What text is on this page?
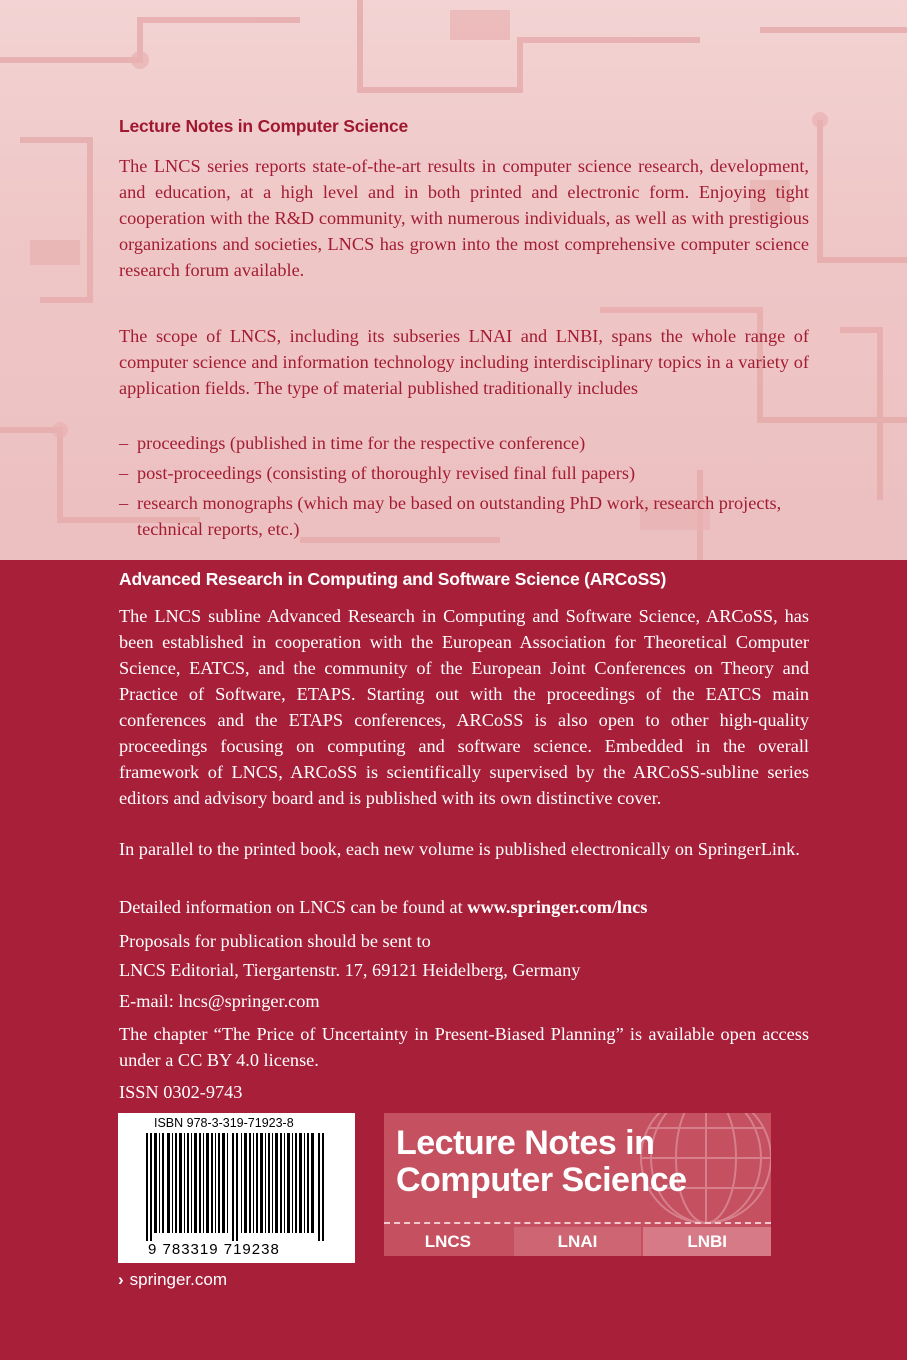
Lecture Notes in Computer Science

The LNCS series reports state-of-the-art results in computer science research, development, and education, at a high level and in both printed and electronic form. Enjoying tight cooperation with the R&D community, with numerous individuals, as well as with prestigious organizations and societies, LNCS has grown into the most comprehensive computer science research forum available.

The scope of LNCS, including its subseries LNAI and LNBI, spans the whole range of computer science and information technology including interdisciplinary topics in a variety of application fields. The type of material published traditionally includes

– proceedings (published in time for the respective conference)
– post-proceedings (consisting of thoroughly revised final full papers)
– research monographs (which may be based on outstanding PhD work, research projects, technical reports, etc.)
Advanced Research in Computing and Software Science (ARCoSS)

The LNCS subline Advanced Research in Computing and Software Science, ARCoSS, has been established in cooperation with the European Association for Theoretical Computer Science, EATCS, and the community of the European Joint Conferences on Theory and Practice of Software, ETAPS. Starting out with the proceedings of the EATCS main conferences and the ETAPS conferences, ARCoSS is also open to other high-quality proceedings focusing on computing and software science. Embedded in the overall framework of LNCS, ARCoSS is scientifically supervised by the ARCoSS-subline series editors and advisory board and is published with its own distinctive cover.

In parallel to the printed book, each new volume is published electronically on SpringerLink.

Detailed information on LNCS can be found at www.springer.com/lncs

Proposals for publication should be sent to

LNCS Editorial, Tiergartenstr. 17, 69121 Heidelberg, Germany

E-mail: lncs@springer.com

The chapter “The Price of Uncertainty in Present-Biased Planning” is available open access under a CC BY 4.0 license.

ISSN 0302-9743

ISBN 978-3-319-71923-8
9 783319 719238
Lecture Notes in
Computer Science
LNCS	LNAI	LNBI
› springer.com
